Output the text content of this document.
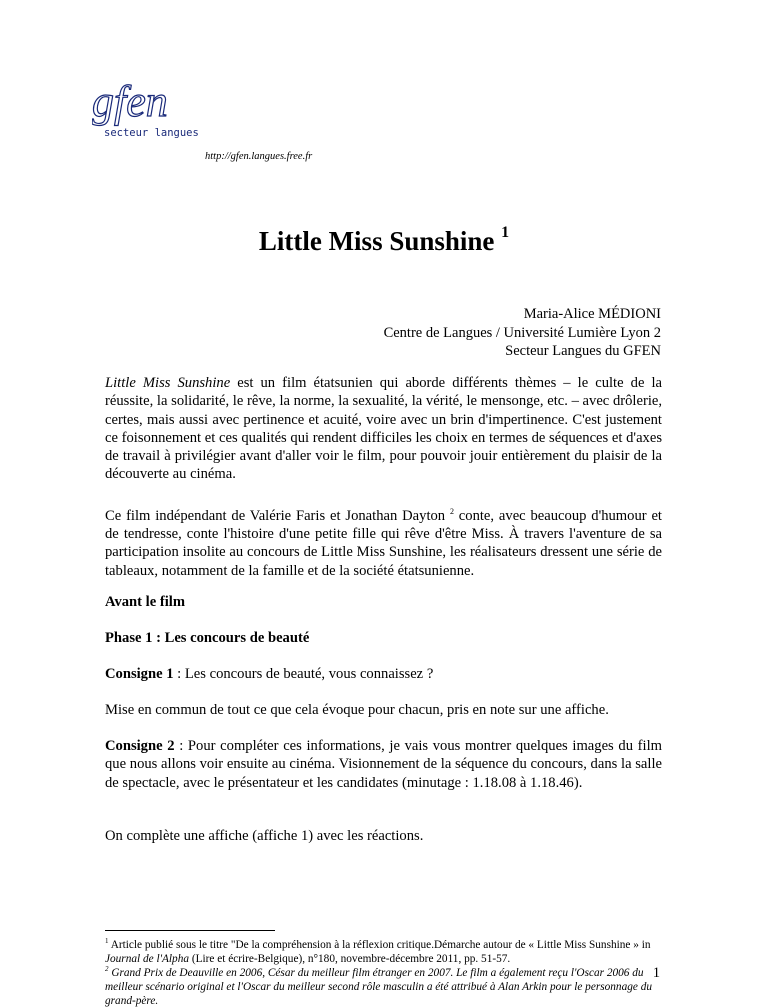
gfen
secteur langues
http://gfen.langues.free.fr
Little Miss Sunshine $^1$
Maria-Alice MÉDIONI
Centre de Langues / Université Lumière Lyon 2
Secteur Langues du GFEN
Little Miss Sunshine est un film étatsunien qui aborde différents thèmes – le culte de la réussite, la solidarité, le rêve, la norme, la sexualité, la vérité, le mensonge, etc. – avec drôlerie, certes, mais aussi avec pertinence et acuité, voire avec un brin d'impertinence. C'est justement ce foisonnement et ces qualités qui rendent difficiles les choix en termes de séquences et d'axes de travail à privilégier avant d'aller voir le film, pour pouvoir jouir entièrement du plaisir de la découverte au cinéma.
Ce film indépendant de Valérie Faris et Jonathan Dayton $^2$ conte, avec beaucoup d'humour et de tendresse, conte l'histoire d'une petite fille qui rêve d'être Miss. À travers l'aventure de sa participation insolite au concours de Little Miss Sunshine, les réalisateurs dressent une série de tableaux, notamment de la famille et de la société étatsunienne.
Avant le film
Phase 1 : Les concours de beauté
Consigne 1 : Les concours de beauté, vous connaissez ?
Mise en commun de tout ce que cela évoque pour chacun, pris en note sur une affiche.
Consigne 2 : Pour compléter ces informations, je vais vous montrer quelques images du film que nous allons voir ensuite au cinéma. Visionnement de la séquence du concours, dans la salle de spectacle, avec le présentateur et les candidates (minutage : 1.18.08 à 1.18.46).
On complète une affiche (affiche 1) avec les réactions.
$^1$ Article publié sous le titre "De la compréhension à la réflexion critique.Démarche autour de « Little Miss Sunshine » in Journal de l'Alpha (Lire et écrire-Belgique), n°180, novembre-décembre 2011, pp. 51-57.
$^2$ Grand Prix de Deauville en 2006, César du meilleur film étranger en 2007. Le film a également reçu l'Oscar 2006 du meilleur scénario original et l'Oscar du meilleur second rôle masculin a été attribué à Alan Arkin pour le personnage du grand-père.
1
